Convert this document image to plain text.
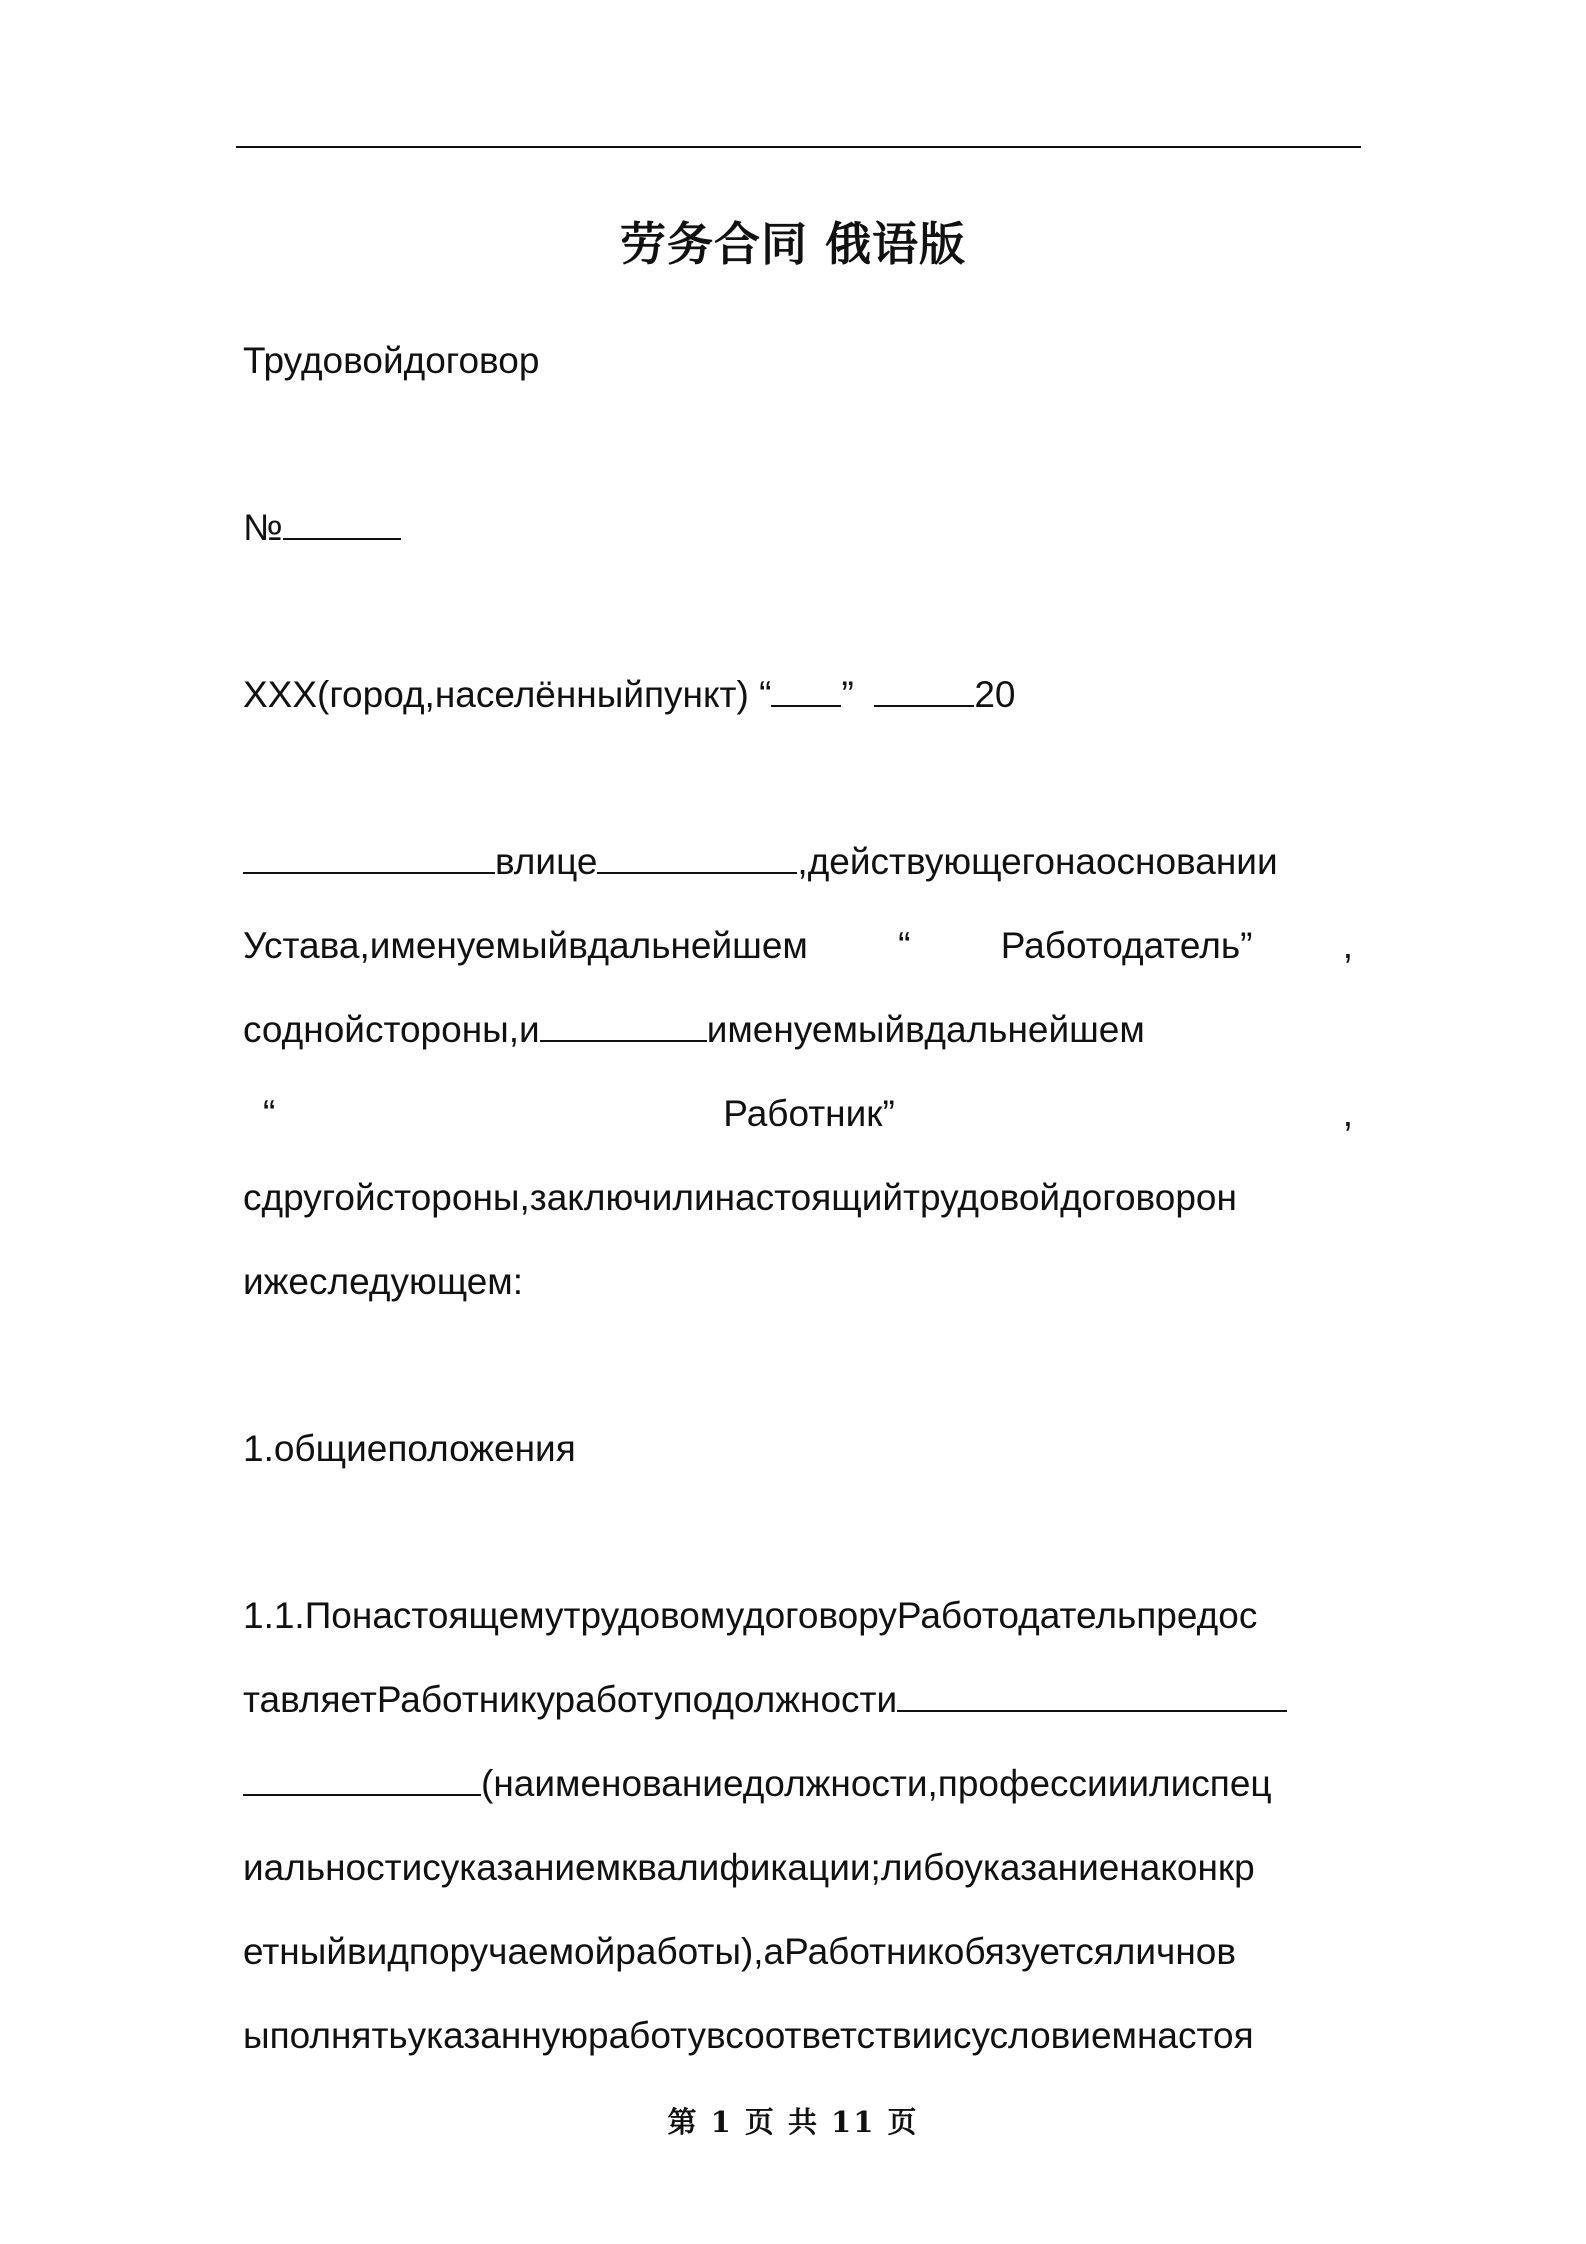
劳务合同 俄语版
Трудовойдоговор
№
XXX(город,населённыйпункт) “ ”	20
влице	,действующегонаосновании
Устава,именуемыйвдальнейшем “ Работодатель” ,
соднойстороны,и	именуемыйвдальнейшем
“	Работник”	,
сдругойстороны,заключилинастоящийтрудовойдоговорон
ижеследующем:
1.общиеположения
1.1.ПонастоящемутрудовомудоговоруРаботодательпредос
тавляетРаботникуработуподолжности
(наименованиедолжности,профессииилиспец
иальностисуказаниемквалификации;либоуказаниенаконкр
етныйвидпоручаемойработы),аРаботникобязуетсяличнов
ыполнятьуказаннуюработувсоответствиисусловиемнастоя
第 1 页 共 11 页
